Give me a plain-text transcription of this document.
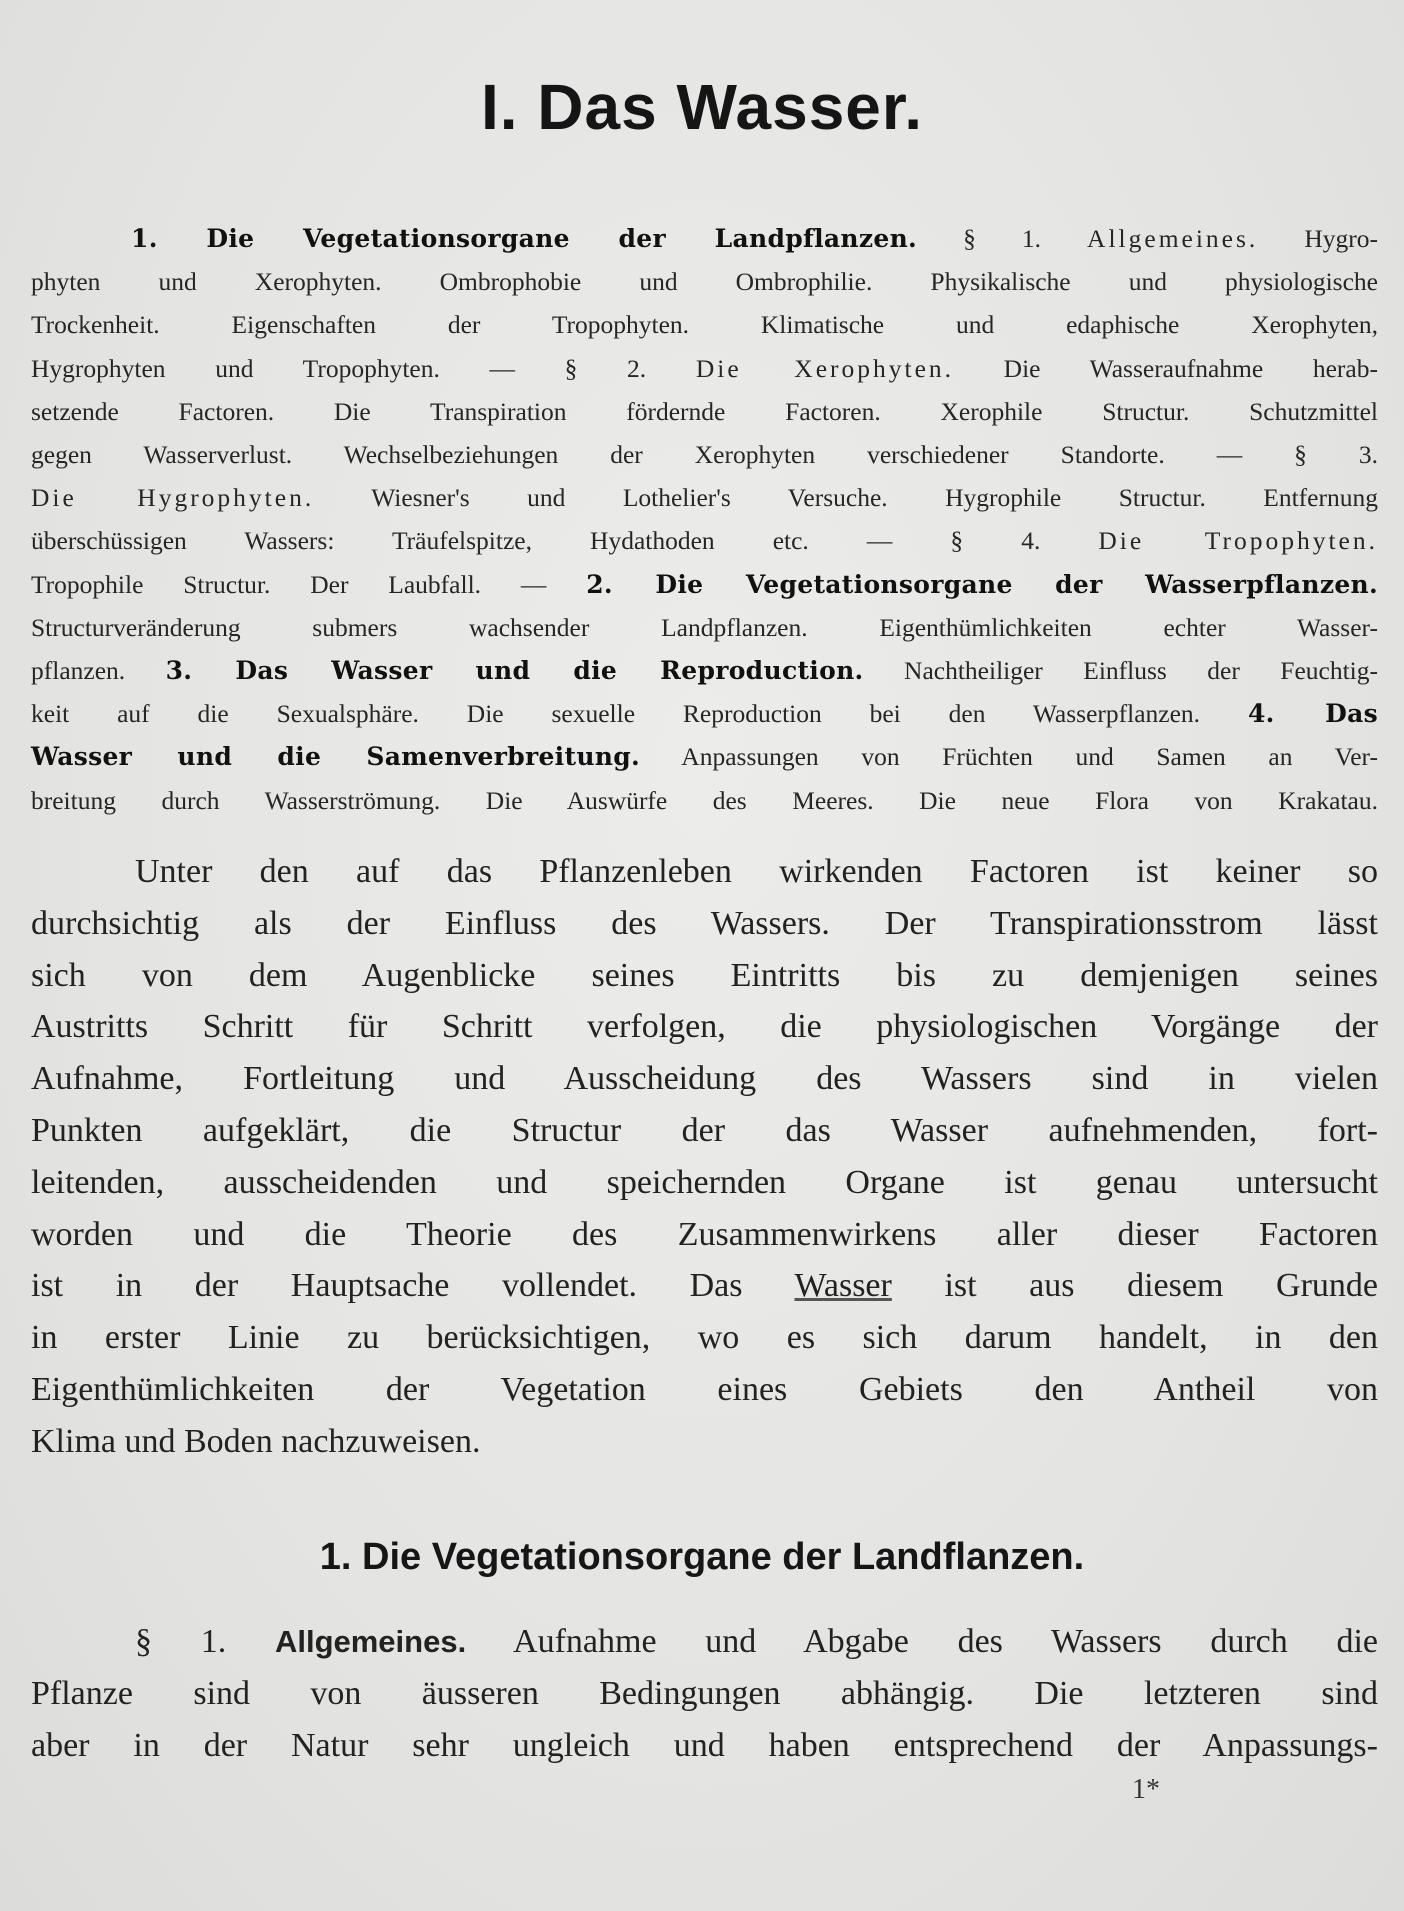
I. Das Wasser.
1. Die Vegetationsorgane der Landpflanzen. § 1. Allgemeines. Hygro-
phyten und Xerophyten. Ombrophobie und Ombrophilie. Physikalische und physiologische
Trockenheit. Eigenschaften der Tropophyten. Klimatische und edaphische Xerophyten,
Hygrophyten und Tropophyten. — § 2. Die Xerophyten. Die Wasseraufnahme herab-
setzende Factoren. Die Transpiration fördernde Factoren. Xerophile Structur. Schutzmittel
gegen Wasserverlust. Wechselbeziehungen der Xerophyten verschiedener Standorte. — § 3.
Die Hygrophyten. Wiesner's und Lothelier's Versuche. Hygrophile Structur. Entfernung
überschüssigen Wassers: Träufelspitze, Hydathoden etc. — § 4. Die Tropophyten.
Tropophile Structur. Der Laubfall. — 2. Die Vegetationsorgane der Wasserpflanzen.
Structurveränderung submers wachsender Landpflanzen. Eigenthümlichkeiten echter Wasser-
pflanzen. 3. Das Wasser und die Reproduction. Nachtheiliger Einfluss der Feuchtig-
keit auf die Sexualsphäre. Die sexuelle Reproduction bei den Wasserpflanzen. 4. Das
Wasser und die Samenverbreitung. Anpassungen von Früchten und Samen an Ver-
breitung durch Wasserströmung. Die Auswürfe des Meeres. Die neue Flora von Krakatau.
Unter den auf das Pflanzenleben wirkenden Factoren ist keiner so
durchsichtig als der Einfluss des Wassers. Der Transpirationsstrom lässt
sich von dem Augenblicke seines Eintritts bis zu demjenigen seines
Austritts Schritt für Schritt verfolgen, die physiologischen Vorgänge der
Aufnahme, Fortleitung und Ausscheidung des Wassers sind in vielen
Punkten aufgeklärt, die Structur der das Wasser aufnehmenden, fort-
leitenden, ausscheidenden und speichernden Organe ist genau untersucht
worden und die Theorie des Zusammenwirkens aller dieser Factoren
ist in der Hauptsache vollendet. Das Wasser ist aus diesem Grunde
in erster Linie zu berücksichtigen, wo es sich darum handelt, in den
Eigenthümlichkeiten der Vegetation eines Gebiets den Antheil von
Klima und Boden nachzuweisen.
1. Die Vegetationsorgane der Landflanzen.
§ 1. Allgemeines. Aufnahme und Abgabe des Wassers durch die
Pflanze sind von äusseren Bedingungen abhängig. Die letzteren sind
aber in der Natur sehr ungleich und haben entsprechend der Anpassungs-
1*
